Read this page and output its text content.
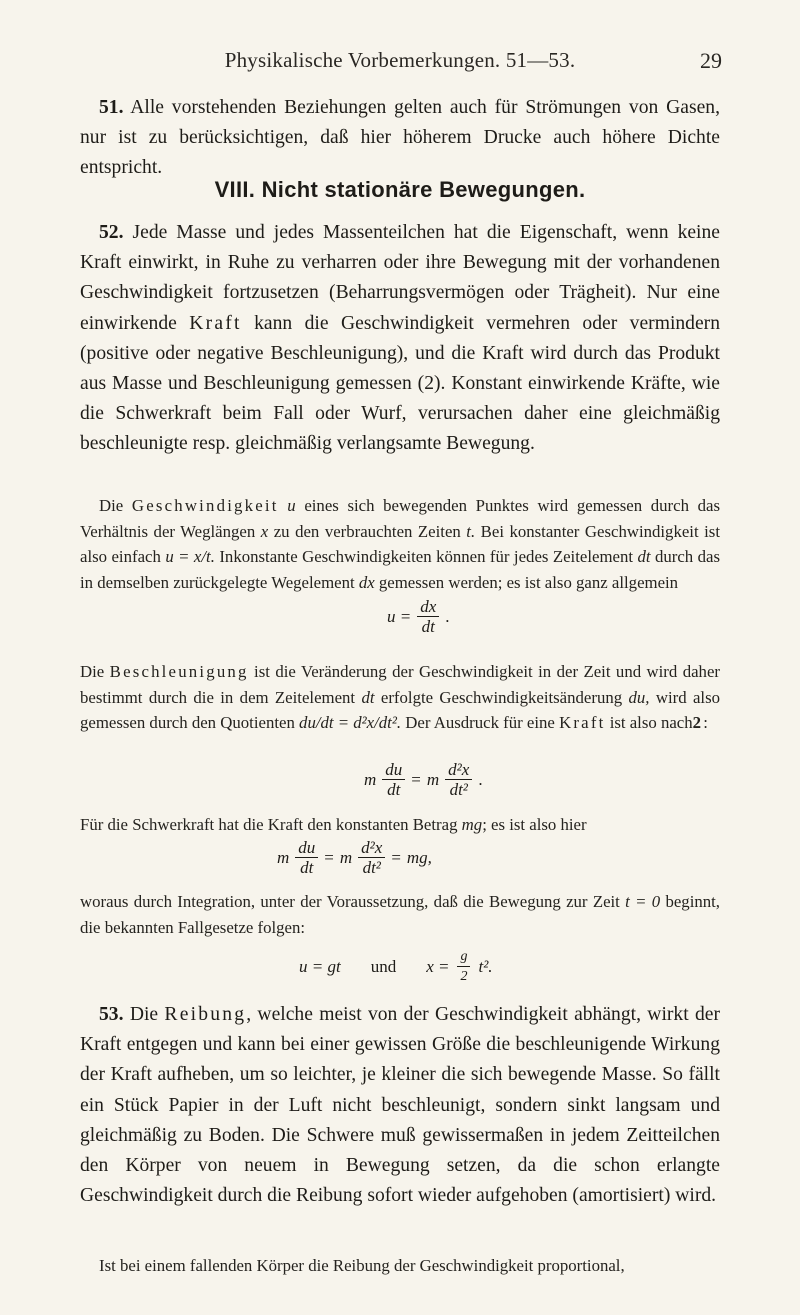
Physikalische Vorbemerkungen. 51—53.	29

51. Alle vorstehenden Beziehungen gelten auch für Strömungen von Gasen, nur ist zu berücksichtigen, daß hier höherem Drucke auch höhere Dichte entspricht.

VIII. Nicht stationäre Bewegungen.

52. Jede Masse und jedes Massenteilchen hat die Eigenschaft, wenn keine Kraft einwirkt, in Ruhe zu verharren oder ihre Bewegung mit der vorhandenen Geschwindigkeit fortzusetzen (Beharrungsvermögen oder Trägheit). Nur eine einwirkende Kraft kann die Geschwindigkeit vermehren oder vermindern (positive oder negative Beschleunigung), und die Kraft wird durch das Produkt aus Masse und Beschleunigung gemessen (2). Konstant einwirkende Kräfte, wie die Schwerkraft beim Fall oder Wurf, verursachen daher eine gleichmäßig beschleunigte resp. gleichmäßig verlangsamte Bewegung.

Die Geschwindigkeit u eines sich bewegenden Punktes wird gemessen durch das Verhältnis der Weglängen x zu den verbrauchten Zeiten t. Bei konstanter Geschwindigkeit ist also einfach u = x/t. Inkonstante Geschwindigkeiten können für jedes Zeitelement dt durch das in demselben zurückgelegte Wegelement dx gemessen werden; es ist also ganz allgemein

$u = \frac{dx}{dt}$ .

Die Beschleunigung ist die Veränderung der Geschwindigkeit in der Zeit und wird daher bestimmt durch die in dem Zeitelement dt erfolgte Geschwindigkeitsänderung du, wird also gemessen durch den Quotienten du/dt = d²x/dt². Der Ausdruck für eine Kraft ist also nach2:

m $\frac{du}{dt} = m \frac{\text{d²x}}{\text{dt²}}$ .

Für die Schwerkraft hat die Kraft den konstanten Betrag mg; es ist also hier

m $\frac{du}{dt} = m \frac{\text{d²x}}{\text{dt²}}$ = mg,

woraus durch Integration, unter der Voraussetzung, daß die Bewegung zur Zeit t = 0 beginnt, die bekannten Fallgesetze folgen:

u = gt und $x = \frac{g}{2} t^2$.

53. Die Reibung, welche meist von der Geschwindigkeit abhängt, wirkt der Kraft entgegen und kann bei einer gewissen Größe die beschleunigende Wirkung der Kraft aufheben, um so leichter, je kleiner die sich bewegende Masse. So fällt ein Stück Papier in der Luft nicht beschleunigt, sondern sinkt langsam und gleichmäßig zu Boden. Die Schwere muß gewissermaßen in jedem Zeitteilchen den Körper von neuem in Bewegung setzen, da die schon erlangte Geschwindigkeit durch die Reibung sofort wieder aufgehoben (amortisiert) wird.

Ist bei einem fallenden Körper die Reibung der Geschwindigkeit proportional,
